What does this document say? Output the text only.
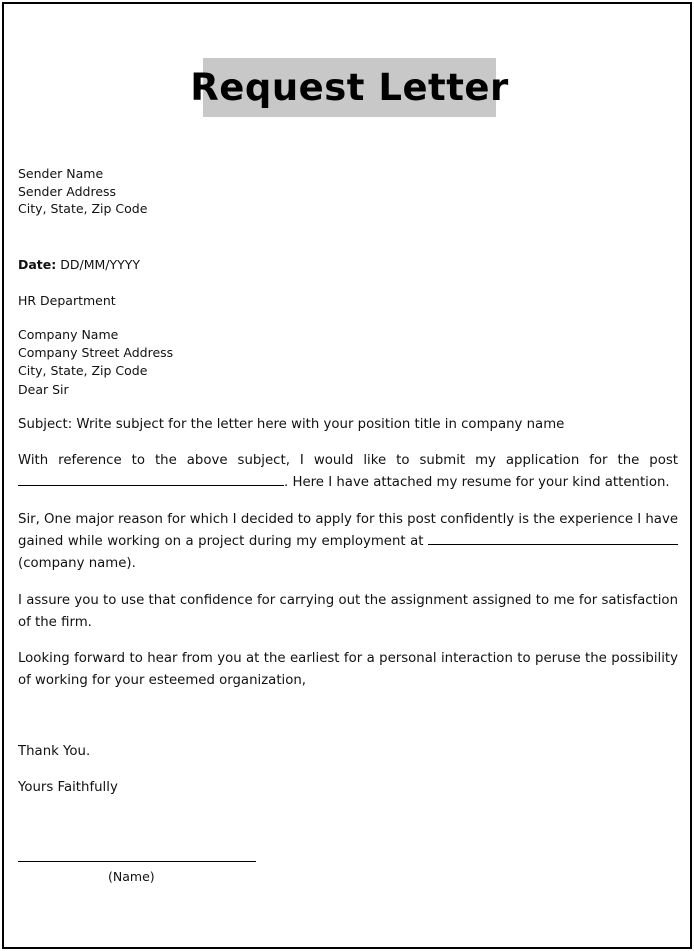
Request Letter
Sender Name
Sender Address
City, State, Zip Code
Date: DD/MM/YYYY
HR Department
Company Name
Company Street Address
City, State, Zip Code
Dear Sir
Subject: Write subject for the letter here with your position title in company name

With reference to the above subject, I would like to submit my application for the post . Here I have attached my resume for your kind attention.

Sir, One major reason for which I decided to apply for this post confidently is the experience I have gained while working on a project during my employment at  (company name).

I assure you to use that confidence for carrying out the assignment assigned to me for satisfaction of the firm.

Looking forward to hear from you at the earliest for a personal interaction to peruse the possibility of working for your esteemed organization,

Thank You.
Yours Faithfully
(Name)
